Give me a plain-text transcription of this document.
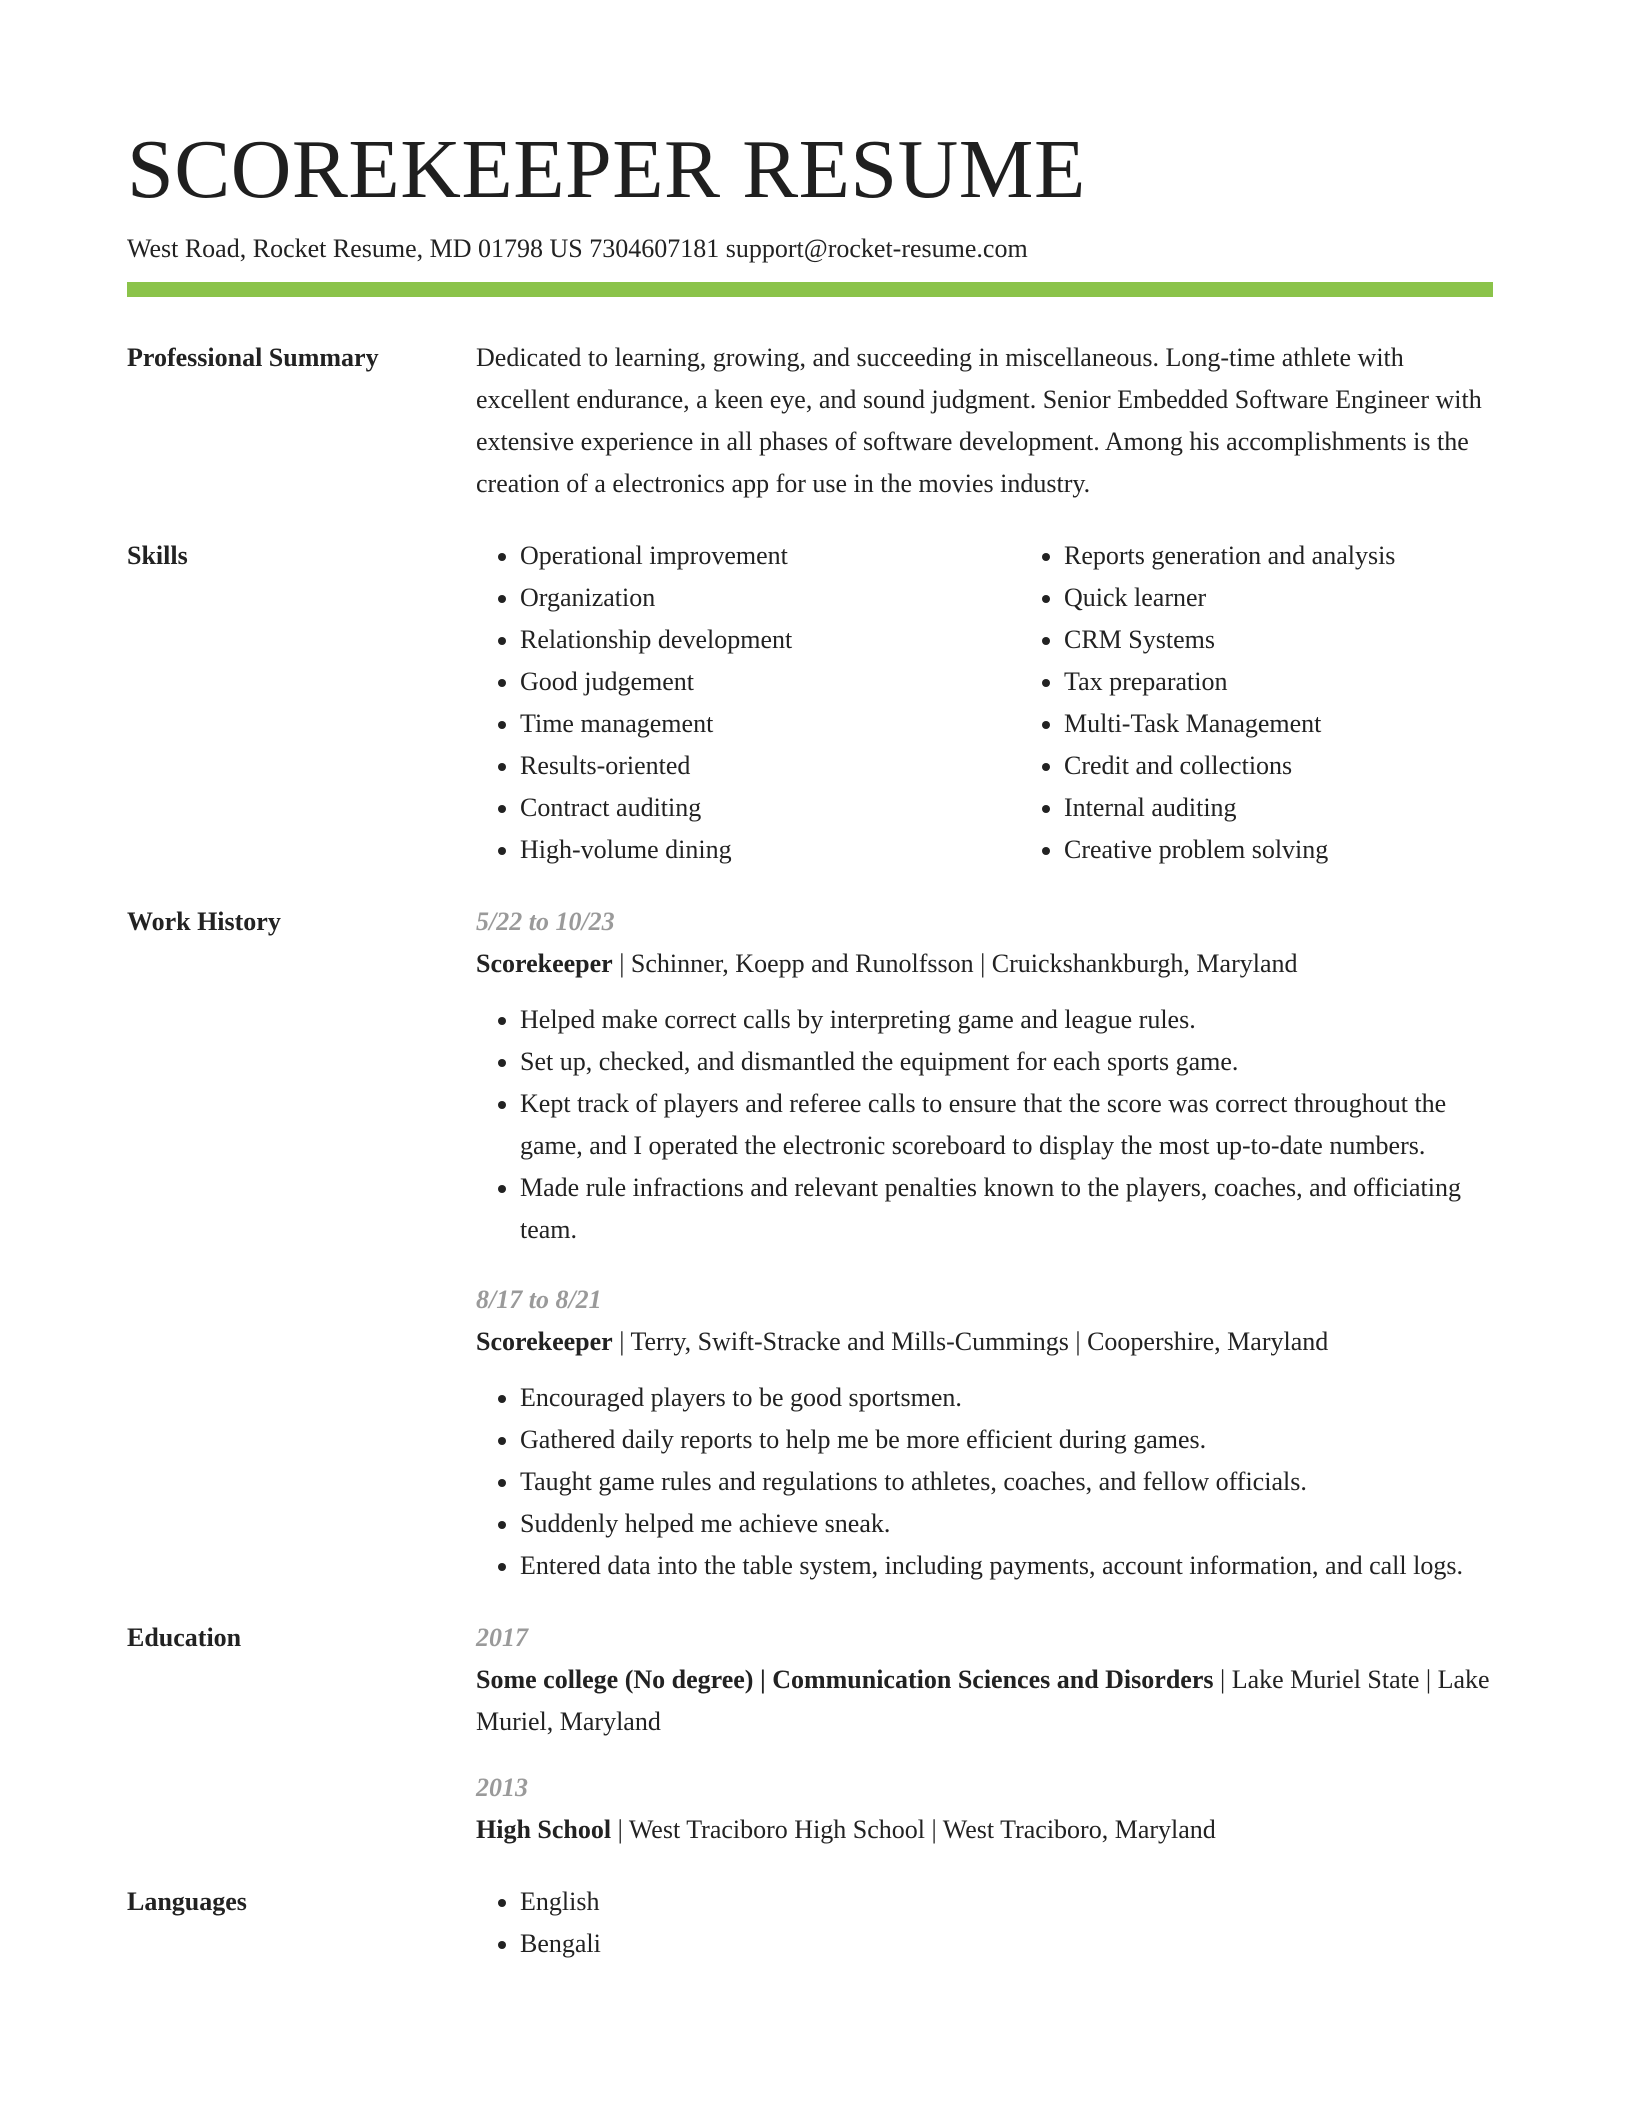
SCOREKEEPER RESUME
West Road, Rocket Resume, MD 01798 US 7304607181 support@rocket-resume.com
Professional Summary	Dedicated to learning, growing, and succeeding in miscellaneous. Long-time athlete with excellent endurance, a keen eye, and sound judgment. Senior Embedded Software Engineer with extensive experience in all phases of software development. Among his accomplishments is the creation of a electronics app for use in the movies industry.

Skills	• Operational improvement
• Organization
• Relationship development
• Good judgement
• Time management
• Results-oriented
• Contract auditing
• High-volume dining
• Reports generation and analysis
• Quick learner
• CRM Systems
• Tax preparation
• Multi-Task Management
• Credit and collections
• Internal auditing
• Creative problem solving
Work History	5/22 to 10/23
Scorekeeper | Schinner, Koepp and Runolfsson | Cruickshankburgh, Maryland
• Helped make correct calls by interpreting game and league rules.
• Set up, checked, and dismantled the equipment for each sports game.
• Kept track of players and referee calls to ensure that the score was correct throughout the game, and I operated the electronic scoreboard to display the most up-to-date numbers.
• Made rule infractions and relevant penalties known to the players, coaches, and officiating team.
8/17 to 8/21
Scorekeeper | Terry, Swift-Stracke and Mills-Cummings | Coopershire, Maryland
• Encouraged players to be good sportsmen.
• Gathered daily reports to help me be more efficient during games.
• Taught game rules and regulations to athletes, coaches, and fellow officials.
• Suddenly helped me achieve sneak.
• Entered data into the table system, including payments, account information, and call logs.
Education	2017
Some college (No degree) | Communication Sciences and Disorders | Lake Muriel State | Lake Muriel, Maryland
2013
High School | West Traciboro High School | West Traciboro, Maryland
Languages	• English
• Bengali
